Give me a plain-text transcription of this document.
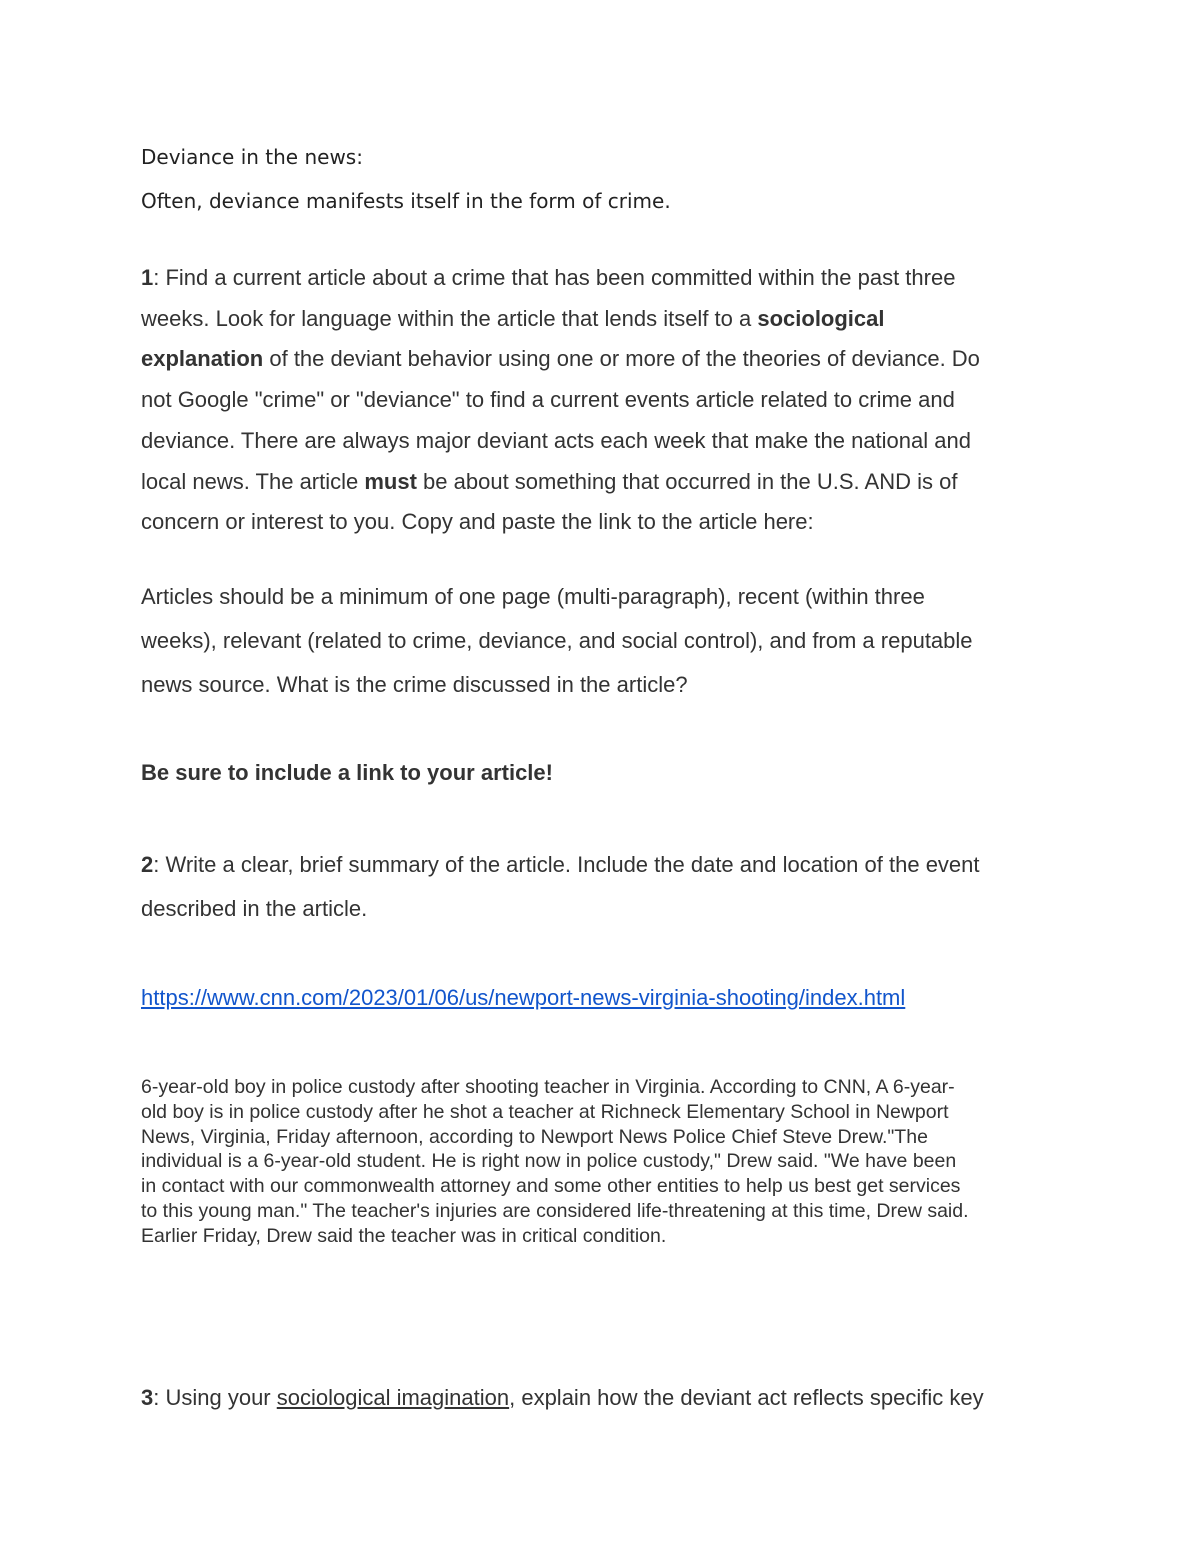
Deviance in the news:
Often, deviance manifests itself in the form of crime.
1: Find a current article about a crime that has been committed within the past three
weeks. Look for language within the article that lends itself to a sociological
explanation of the deviant behavior using one or more of the theories of deviance. Do
not Google "crime" or "deviance" to find a current events article related to crime and
deviance. There are always major deviant acts each week that make the national and
local news. The article must be about something that occurred in the U.S. AND is of
concern or interest to you. Copy and paste the link to the article here:
Articles should be a minimum of one page (multi-paragraph), recent (within three
weeks), relevant (related to crime, deviance, and social control), and from a reputable
news source. What is the crime discussed in the article?
Be sure to include a link to your article!
2: Write a clear, brief summary of the article. Include the date and location of the event
described in the article.
https://www.cnn.com/2023/01/06/us/newport-news-virginia-shooting/index.html
6-year-old boy in police custody after shooting teacher in Virginia. According to CNN, A 6-year-
old boy is in police custody after he shot a teacher at Richneck Elementary School in Newport
News, Virginia, Friday afternoon, according to Newport News Police Chief Steve Drew."The
individual is a 6-year-old student. He is right now in police custody," Drew said. "We have been
in contact with our commonwealth attorney and some other entities to help us best get services
to this young man." The teacher's injuries are considered life-threatening at this time, Drew said.
Earlier Friday, Drew said the teacher was in critical condition.
3: Using your sociological imagination, explain how the deviant act reflects specific key
